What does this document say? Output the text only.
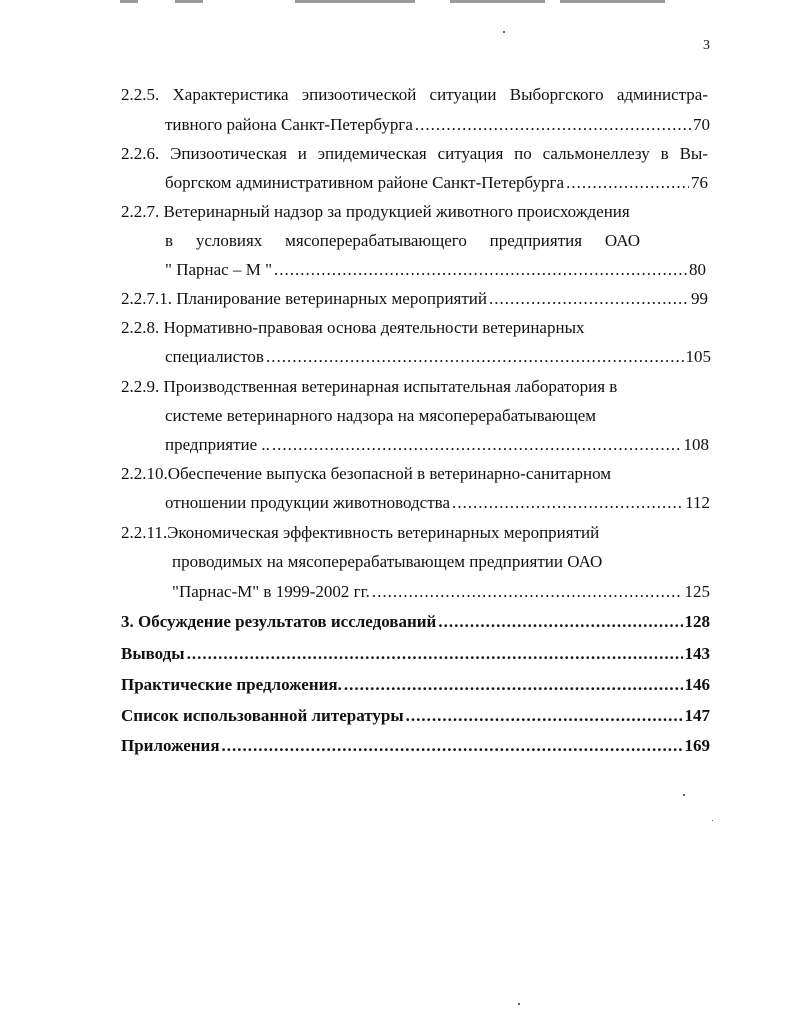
3
2.2.5. Характеристика эпизоотической ситуации Выборгского администра-
тивного района Санкт-Петербурга .....	70
2.2.6. Эпизоотическая и эпидемическая ситуация по сальмонеллезу в Вы-
боргском административном районе Санкт-Петербурга .....	76
2.2.7. Ветеринарный надзор за продукцией животного происхождения
в условиях мясоперерабатывающего предприятия ОАО
" Парнас – М " .....	80
2.2.7.1. Планирование ветеринарных мероприятий .....	99
2.2.8. Нормативно-правовая основа деятельности ветеринарных
специалистов .....	105
2.2.9. Производственная ветеринарная испытательная лаборатория в
системе ветеринарного надзора на мясоперерабатывающем
предприятие .. .....	108
2.2.10.Обеспечение выпуска безопасной в ветеринарно-санитарном
отношении продукции животноводства .....	112
2.2.11.Экономическая эффективность ветеринарных мероприятий
проводимых на мясоперерабатывающем предприятии ОАО
"Парнас-М" в 1999-2002 гг. .....	125
3. Обсуждение результатов исследований .....	128
Выводы .....	143
Практические предложения. .....	146
Список использованной литературы .....	147
Приложения .....	169
